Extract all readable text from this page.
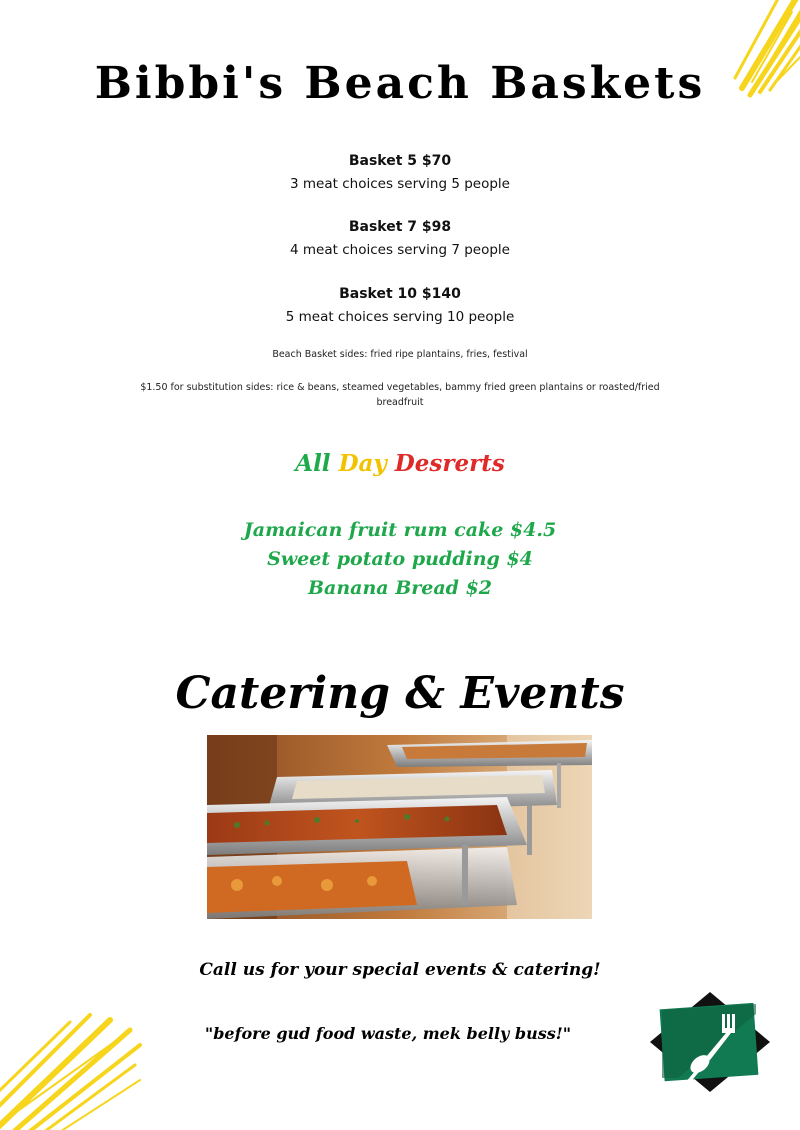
Bibbi's Beach Baskets
Basket 5 $70
3 meat choices serving 5 people
Basket 7 $98
4 meat choices serving 7 people
Basket 10 $140
5 meat choices serving 10 people
Beach Basket sides: fried ripe plantains, fries, festival
$1.50 for substitution sides: rice & beans, steamed vegetables, bammy fried green plantains or roasted/fried breadfruit
All Day Desrerts
Jamaican fruit rum cake $4.5
Sweet potato pudding $4
Banana Bread $2
Catering & Events
Call us for your special events & catering!
"before gud food waste, mek belly buss!"
